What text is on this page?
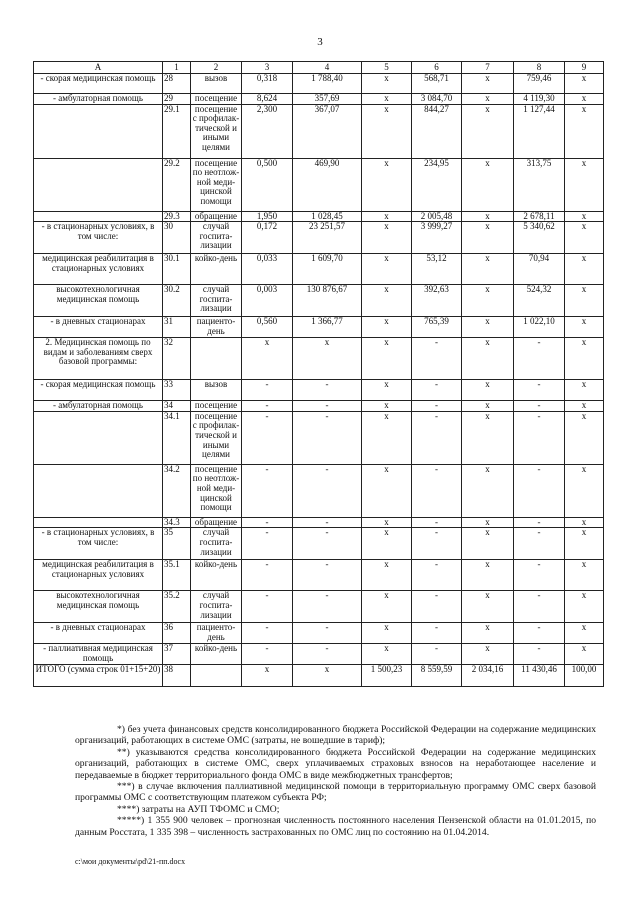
3
А	1	2	3	4	5	6	7	8	9
- скорая медицинская помощь	28	вызов	0,318	1 788,40	х	568,71	х	759,46	х
- амбулаторная помощь	29	посещение	8,624	357,69	х	3 084,70	х	4 119,30	х
	29.1	посещение с профилак-тической и иными целями	2,300	367,07	х	844,27	х	1 127,44	х
	29.2	посещение по неотлож-ной меди-цинской помощи	0,500	469,90	х	234,95	х	313,75	х
	29.3	обращение	1,950	1 028,45	х	2 005,48	х	2 678,11	х
- в стационарных условиях, в том числе:	30	случай госпита-лизации	0,172	23 251,57	х	3 999,27	х	5 340,62	х
медицинская реабилитация в стационарных условиях	30.1	койко-день	0,033	1 609,70	х	53,12	х	70,94	х
высокотехнологичная медицинская помощь	30.2	случай госпита-лизации	0,003	130 876,67	х	392,63	х	524,32	х
- в дневных стационарах	31	пациенто-день	0,560	1 366,77	х	765,39	х	1 022,10	х
2. Медицинская помощь по видам и заболеваниям сверх базовой программы:	32		х	х	х	-	х	-	х
- скорая медицинская помощь	33	вызов	-	-	х	-	х	-	х
- амбулаторная помощь	34	посещение	-	-	х	-	х	-	х
	34.1	посещение с профилак-тической и иными целями	-	-	х	-	х	-	х
	34.2	посещение по неотлож-ной меди-цинской помощи	-	-	х	-	х	-	х
	34.3	обращение	-	-	х	-	х	-	х
- в стационарных условиях, в том числе:	35	случай госпита-лизации	-	-	х	-	х	-	х
медицинская реабилитация в стационарных условиях	35.1	койко-день	-	-	х	-	х	-	х
высокотехнологичная медицинская помощь	35.2	случай госпита-лизации	-	-	х	-	х	-	х
- в дневных стационарах	36	пациенто-день	-	-	х	-	х	-	х
- паллиативная медицинская помощь	37	койко-день	-	-	х	-	х	-	х
ИТОГО (сумма строк 01+15+20)	38		х	х	1 500,23	8 559,59	2 034,16	11 430,46	100,00

*) без учета финансовых средств консолидированного бюджета Российской Федерации на содержание медицинских организаций, работающих в системе ОМС (затраты, не вошедшие в тариф);

**) указываются средства консолидированного бюджета Российской Федерации на содержание медицинских организаций, работающих в системе ОМС, сверх уплачиваемых страховых взносов на неработающее население и передаваемые в бюджет территориального фонда ОМС в виде межбюджетных трансфертов;

***) в случае включения паллиативной медицинской помощи в территориальную программу ОМС сверх базовой программы ОМС с соответствующим платежом субъекта РФ;

****) затраты на АУП ТФОМС и СМО;

*****) 1 355 900 человек – прогнозная численность постоянного населения Пензенской области на 01.01.2015, по данным Росстата, 1 335 398 – численность застрахованных по ОМС лиц по состоянию на 01.04.2014.

c:\мои документы\pd\21-пп.docx
